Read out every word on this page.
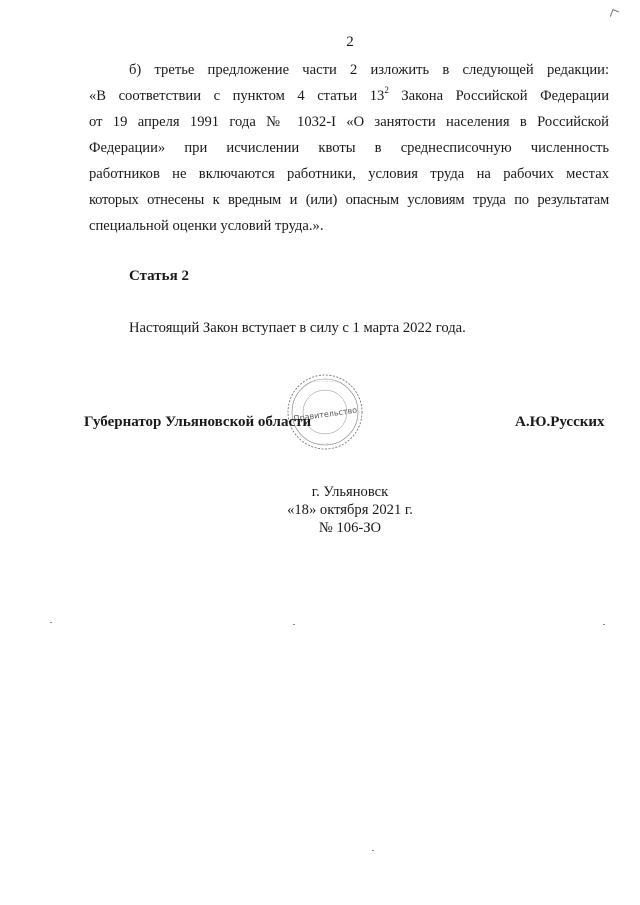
2
б) третье предложение части 2 изложить в следующей редакции:
«В соответствии с пунктом 4 статьи $13^2$ Закона Российской Федерации
от 19 апреля 1991 года № 1032-I «О занятости населения в Российской
Федерации» при исчислении квоты в среднесписочную численность
работников не включаются работники, условия труда на рабочих местах
которых отнесены к вредным и (или) опасным условиям труда по результатам
специальной оценки условий труда.».
Статья 2
Настоящий Закон вступает в силу с 1 марта 2022 года.
Правительство
· · · · · · · · ·
· · · · · · · · ·
Губернатор Ульяновской области	А.Ю.Русских
г. Ульяновск
«18» октября 2021 г.
№ 106-ЗО
